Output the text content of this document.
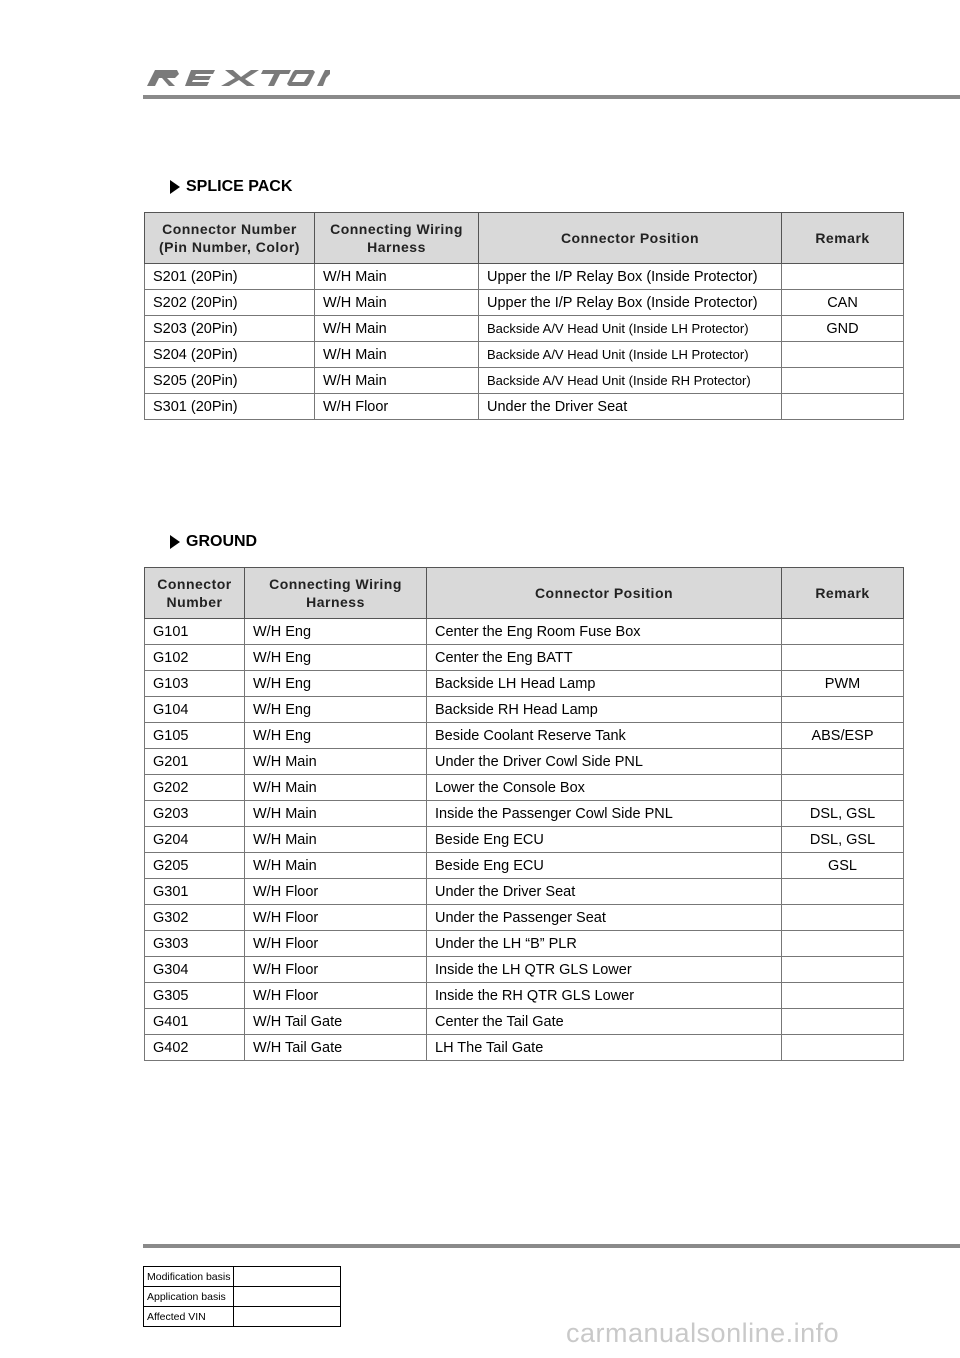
SPLICE PACK
Connector Number
(Pin Number, Color)	Connecting Wiring
Harness	Connector Position	Remark
S201 (20Pin)	W/H Main	Upper the I/P Relay Box (Inside Protector)	
S202 (20Pin)	W/H Main	Upper the I/P Relay Box (Inside Protector)	CAN
S203 (20Pin)	W/H Main	Backside A/V Head Unit (Inside LH Protector)	GND
S204 (20Pin)	W/H Main	Backside A/V Head Unit (Inside LH Protector)	
S205 (20Pin)	W/H Main	Backside A/V Head Unit (Inside RH Protector)	
S301 (20Pin)	W/H Floor	Under the Driver Seat	
GROUND
Connector
Number	Connecting Wiring
Harness	Connector Position	Remark
G101	W/H Eng	Center the Eng Room Fuse Box	
G102	W/H Eng	Center the Eng BATT	
G103	W/H Eng	Backside LH Head Lamp	PWM
G104	W/H Eng	Backside RH Head Lamp	
G105	W/H Eng	Beside Coolant Reserve Tank	ABS/ESP
G201	W/H Main	Under the Driver Cowl Side PNL	
G202	W/H Main	Lower the Console Box	
G203	W/H Main	Inside the Passenger Cowl Side PNL	DSL, GSL
G204	W/H Main	Beside Eng ECU	DSL, GSL
G205	W/H Main	Beside Eng ECU	GSL
G301	W/H Floor	Under the Driver Seat	
G302	W/H Floor	Under the Passenger Seat	
G303	W/H Floor	Under the LH “B” PLR	
G304	W/H Floor	Inside the LH QTR GLS Lower	
G305	W/H Floor	Inside the RH QTR GLS Lower	
G401	W/H Tail Gate	Center the Tail Gate	
G402	W/H Tail Gate	LH The Tail Gate	
Modification basis	
Application basis	
Affected VIN	
carmanualsonline.info
